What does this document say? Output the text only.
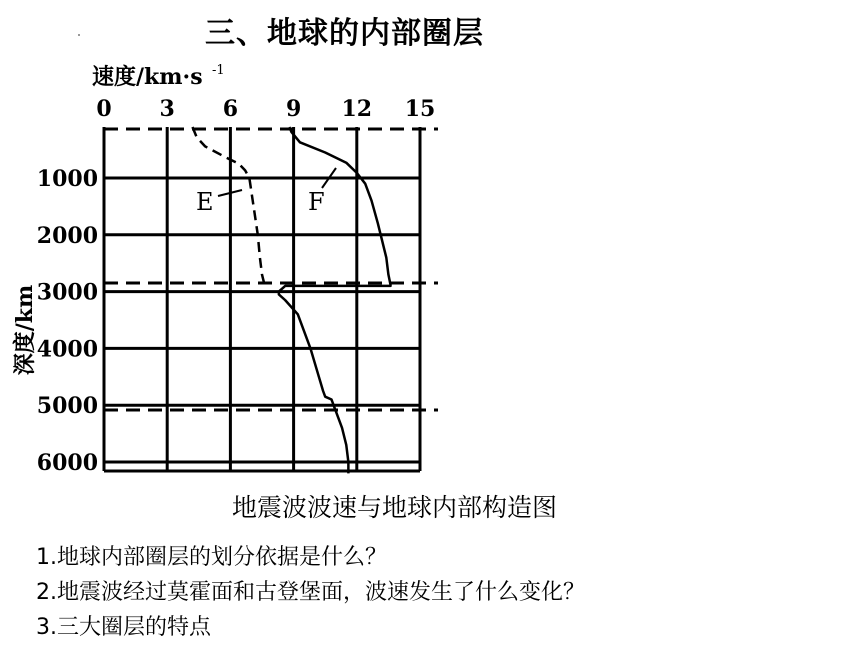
三、地球的内部圈层
0 3 6 9 12 15
1000
2000
3000
4000
5000
6000
E	F
速度/km·s -1
深度/km
地震波波速与地球内部构造图
1.地球内部圈层的划分依据是什么？
2.地震波经过莫霍面和古登堡面，波速发生了什么变化？
3.三大圈层的特点
